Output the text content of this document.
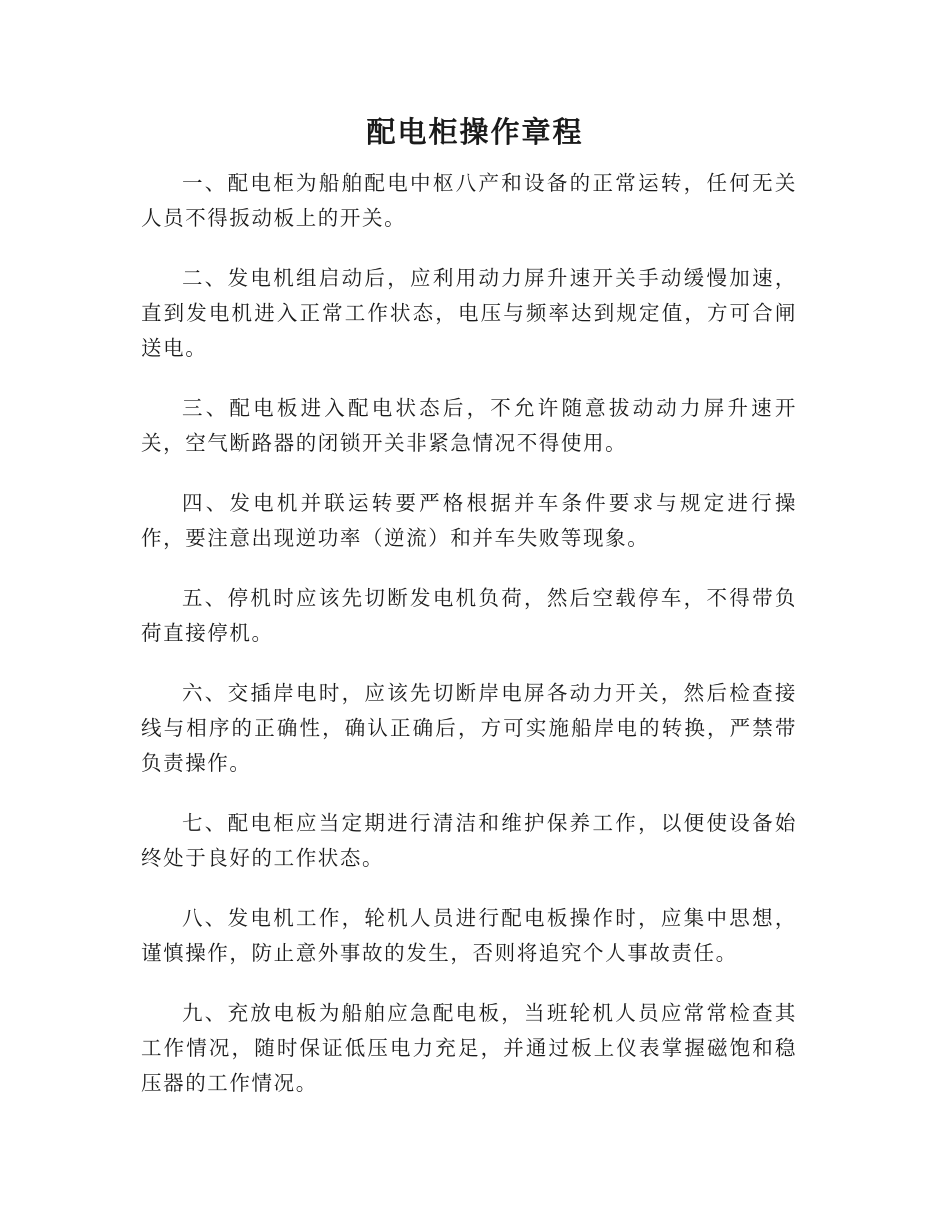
配电柜操作章程

一、配电柜为船舶配电中枢八产和设备的正常运转，任何无关人员不得扳动板上的开关。

二、发电机组启动后，应利用动力屏升速开关手动缓慢加速，直到发电机进入正常工作状态，电压与频率达到规定值，方可合闸送电。

三、配电板进入配电状态后，不允许随意拔动动力屏升速开关，空气断路器的闭锁开关非紧急情况不得使用。

四、发电机并联运转要严格根据并车条件要求与规定进行操作，要注意出现逆功率（逆流）和并车失败等现象。

五、停机时应该先切断发电机负荷，然后空载停车，不得带负荷直接停机。

六、交插岸电时，应该先切断岸电屏各动力开关，然后检查接线与相序的正确性，确认正确后，方可实施船岸电的转换，严禁带负责操作。

七、配电柜应当定期进行清洁和维护保养工作，以便使设备始终处于良好的工作状态。

八、发电机工作，轮机人员进行配电板操作时，应集中思想，谨慎操作，防止意外事故的发生，否则将追究个人事故责任。

九、充放电板为船舶应急配电板，当班轮机人员应常常检查其工作情况，随时保证低压电力充足，并通过板上仪表掌握磁饱和稳压器的工作情况。
